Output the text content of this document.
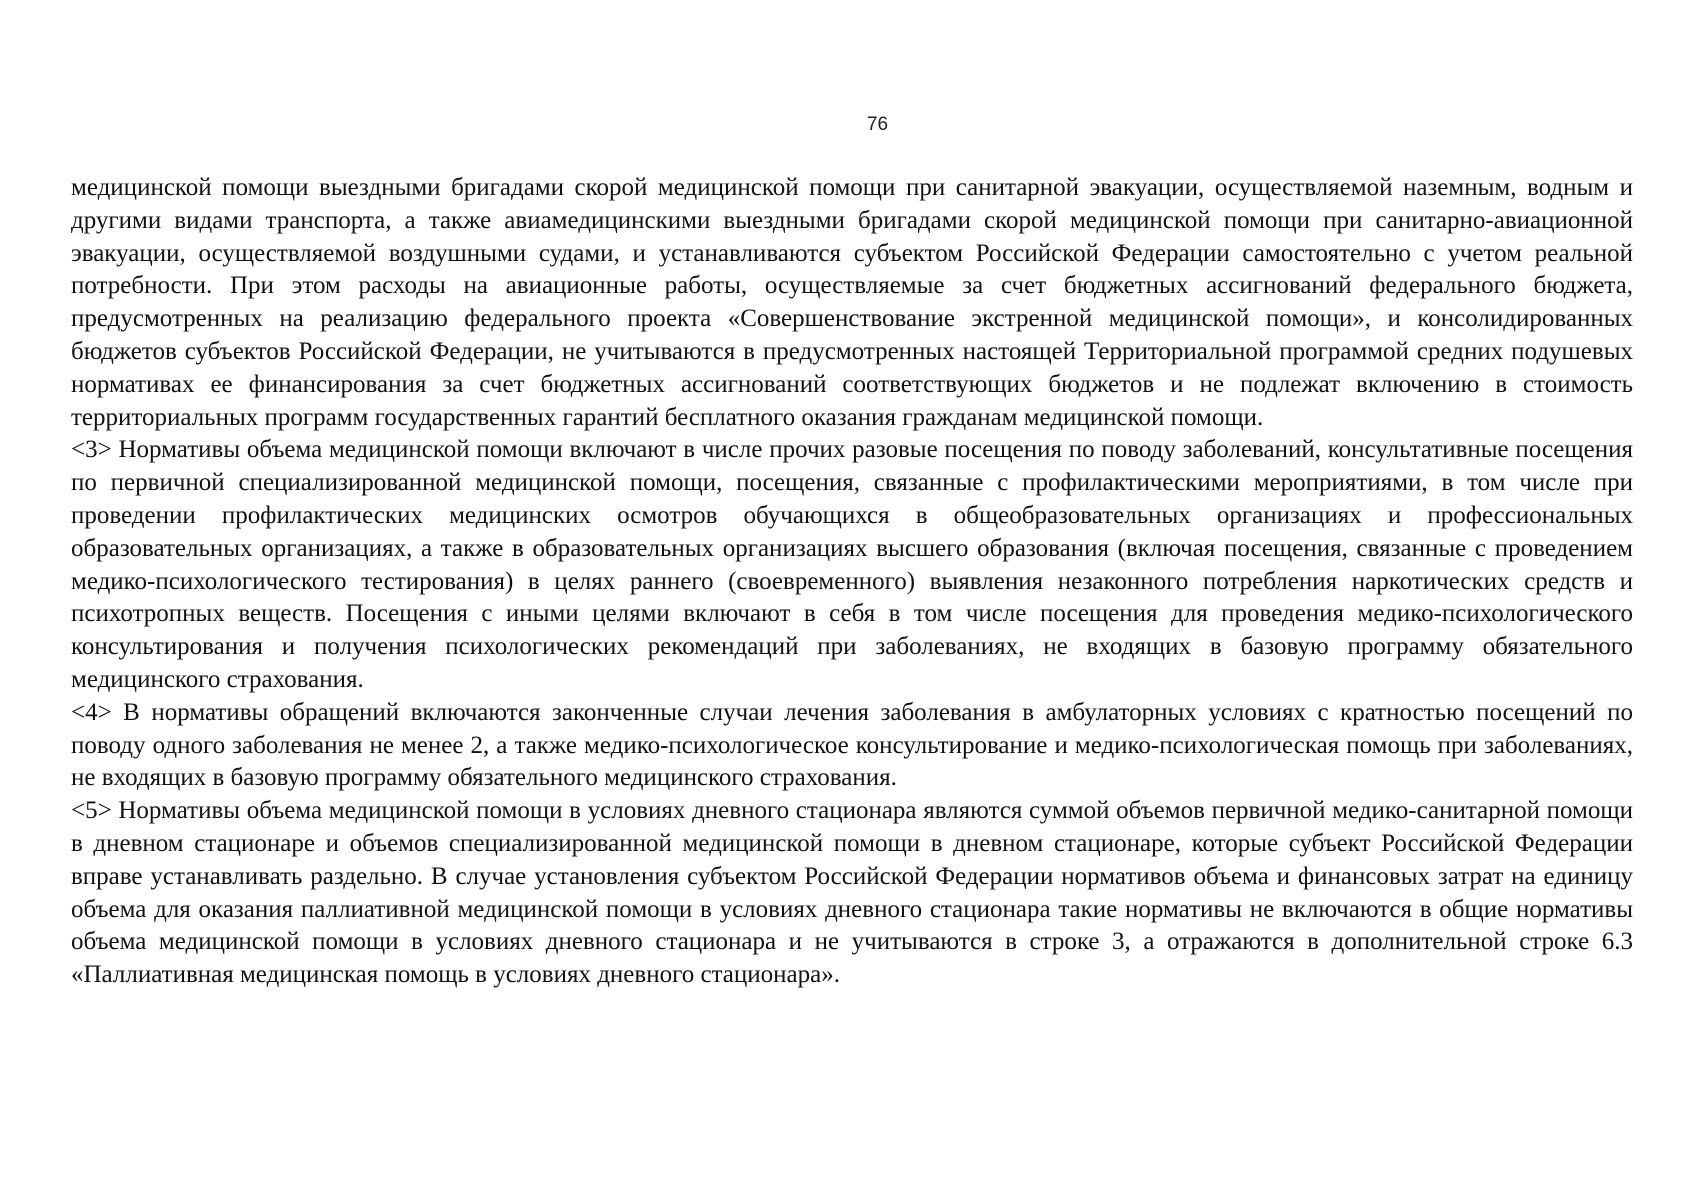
76

медицинской помощи выездными бригадами скорой медицинской помощи при санитарной эвакуации, осуществляемой наземным, водным и другими видами транспорта, а также авиамедицинскими выездными бригадами скорой медицинской помощи при санитарно-авиационной эвакуации, осуществляемой воздушными судами, и устанавливаются субъектом Российской Федерации самостоятельно с учетом реальной потребности. При этом расходы на авиационные работы, осуществляемые за счет бюджетных ассигнований федерального бюджета, предусмотренных на реализацию федерального проекта «Совершенствование экстренной медицинской помощи», и консолидированных бюджетов субъектов Российской Федерации, не учитываются в предусмотренных настоящей Территориальной программой средних подушевых нормативах ее финансирования за счет бюджетных ассигнований соответствующих бюджетов и не подлежат включению в стоимость территориальных программ государственных гарантий бесплатного оказания гражданам медицинской помощи.

<3> Нормативы объема медицинской помощи включают в числе прочих разовые посещения по поводу заболеваний, консультативные посещения по первичной специализированной медицинской помощи, посещения, связанные с профилактическими мероприятиями, в том числе при проведении профилактических медицинских осмотров обучающихся в общеобразовательных организациях и профессиональных образовательных организациях, а также в образовательных организациях высшего образования (включая посещения, связанные с проведением медико-психологического тестирования) в целях раннего (своевременного) выявления незаконного потребления наркотических средств и психотропных веществ. Посещения с иными целями включают в себя в том числе посещения для проведения медико-психологического консультирования и получения психологических рекомендаций при заболеваниях, не входящих в базовую программу обязательного медицинского страхования.

<4> В нормативы обращений включаются законченные случаи лечения заболевания в амбулаторных условиях с кратностью посещений по поводу одного заболевания не менее 2, а также медико-психологическое консультирование и медико-психологическая помощь при заболеваниях, не входящих в базовую программу обязательного медицинского страхования.

<5> Нормативы объема медицинской помощи в условиях дневного стационара являются суммой объемов первичной медико-санитарной помощи в дневном стационаре и объемов специализированной медицинской помощи в дневном стационаре, которые субъект Российской Федерации вправе устанавливать раздельно. В случае установления субъектом Российской Федерации нормативов объема и финансовых затрат на единицу объема для оказания паллиативной медицинской помощи в условиях дневного стационара такие нормативы не включаются в общие нормативы объема медицинской помощи в условиях дневного стационара и не учитываются в строке 3, а отражаются в дополнительной строке 6.3 «Паллиативная медицинская помощь в условиях дневного стационара».
